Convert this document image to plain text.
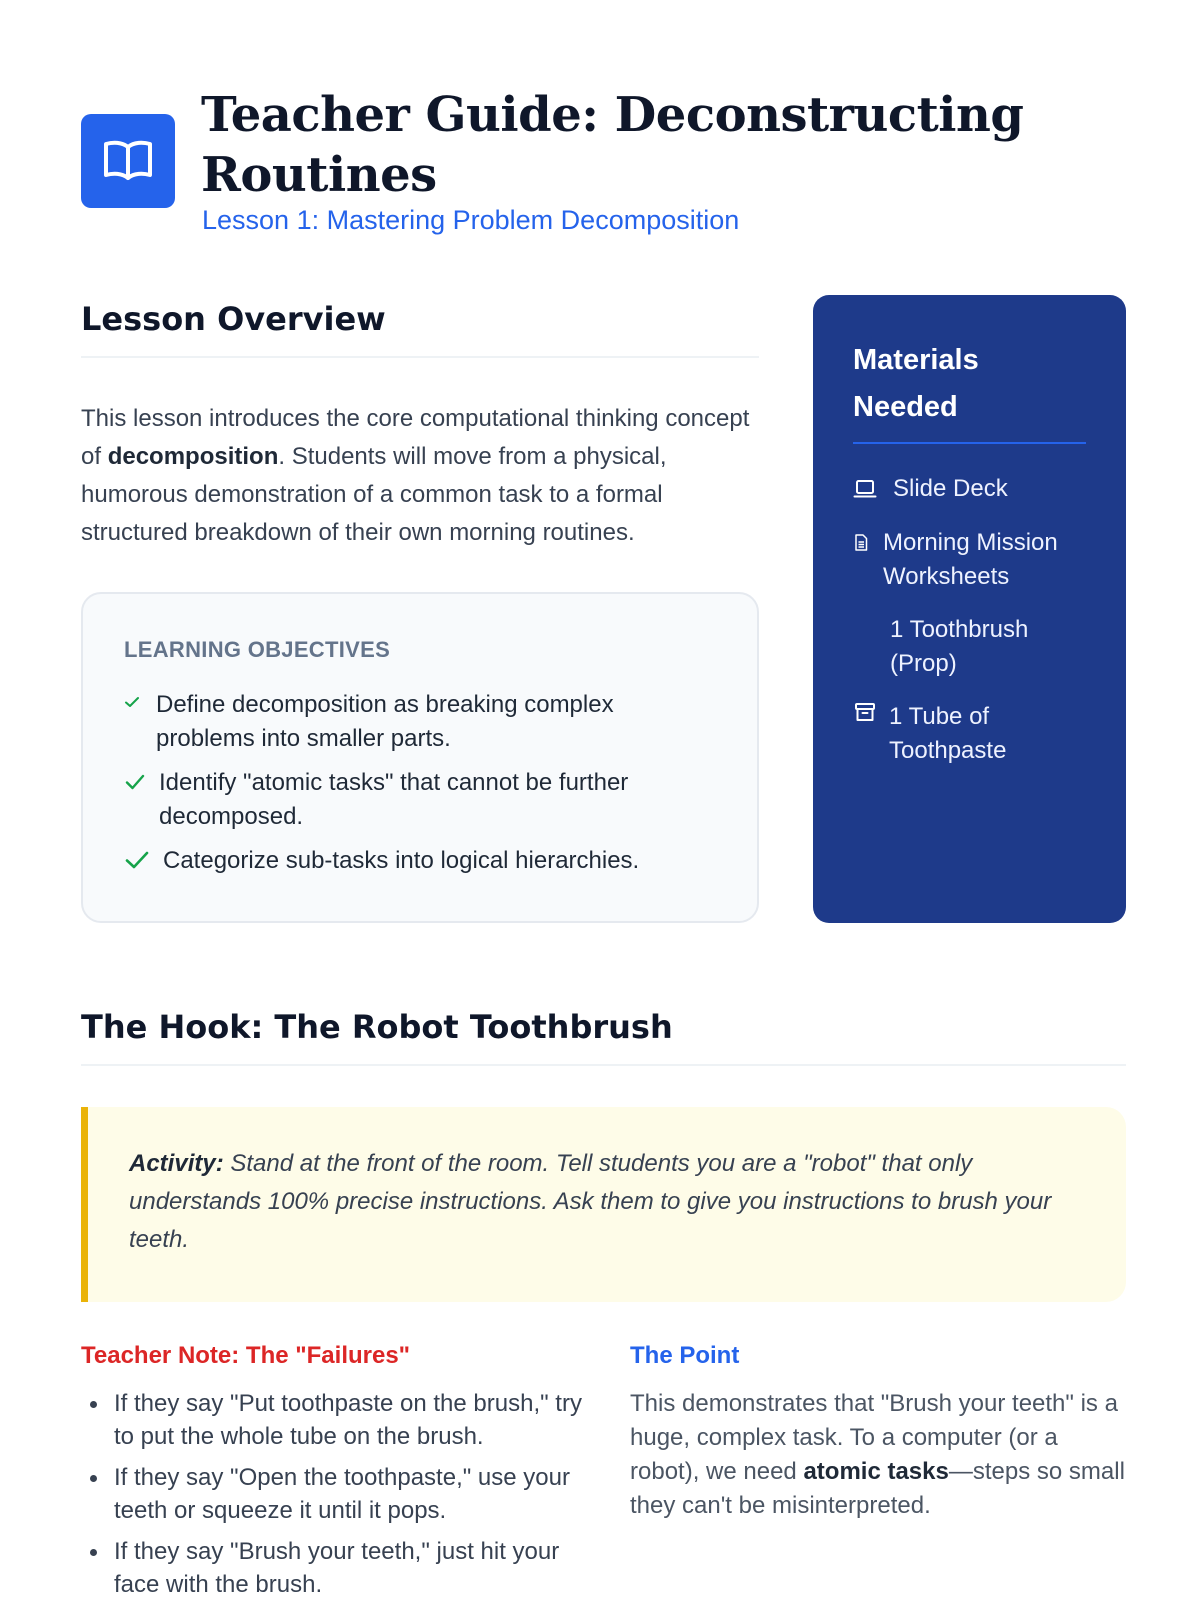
Teacher Guide: Deconstructing Routines
Lesson 1: Mastering Problem Decomposition
Lesson Overview

This lesson introduces the core computational thinking concept of decomposition. Students will move from a physical, humorous demonstration of a common task to a formal structured breakdown of their own morning routines.

LEARNING OBJECTIVES
Define decomposition as breaking complex problems into smaller parts.
Identify "atomic tasks" that cannot be further decomposed.
Categorize sub-tasks into logical hierarchies.
Materials Needed
Slide Deck
Morning Mission Worksheets
1 Toothbrush (Prop)
1 Tube of Toothpaste
The Hook: The Robot Toothbrush

Activity: Stand at the front of the room. Tell students you are a "robot" that only understands 100% precise instructions. Ask them to give you instructions to brush your teeth.

Teacher Note: The "Failures"
If they say "Put toothpaste on the brush," try to put the whole tube on the brush.
If they say "Open the toothpaste," use your teeth or squeeze it until it pops.
If they say "Brush your teeth," just hit your face with the brush.
The Point

This demonstrates that "Brush your teeth" is a huge, complex task. To a computer (or a robot), we need atomic tasks—steps so small they can't be misinterpreted.
